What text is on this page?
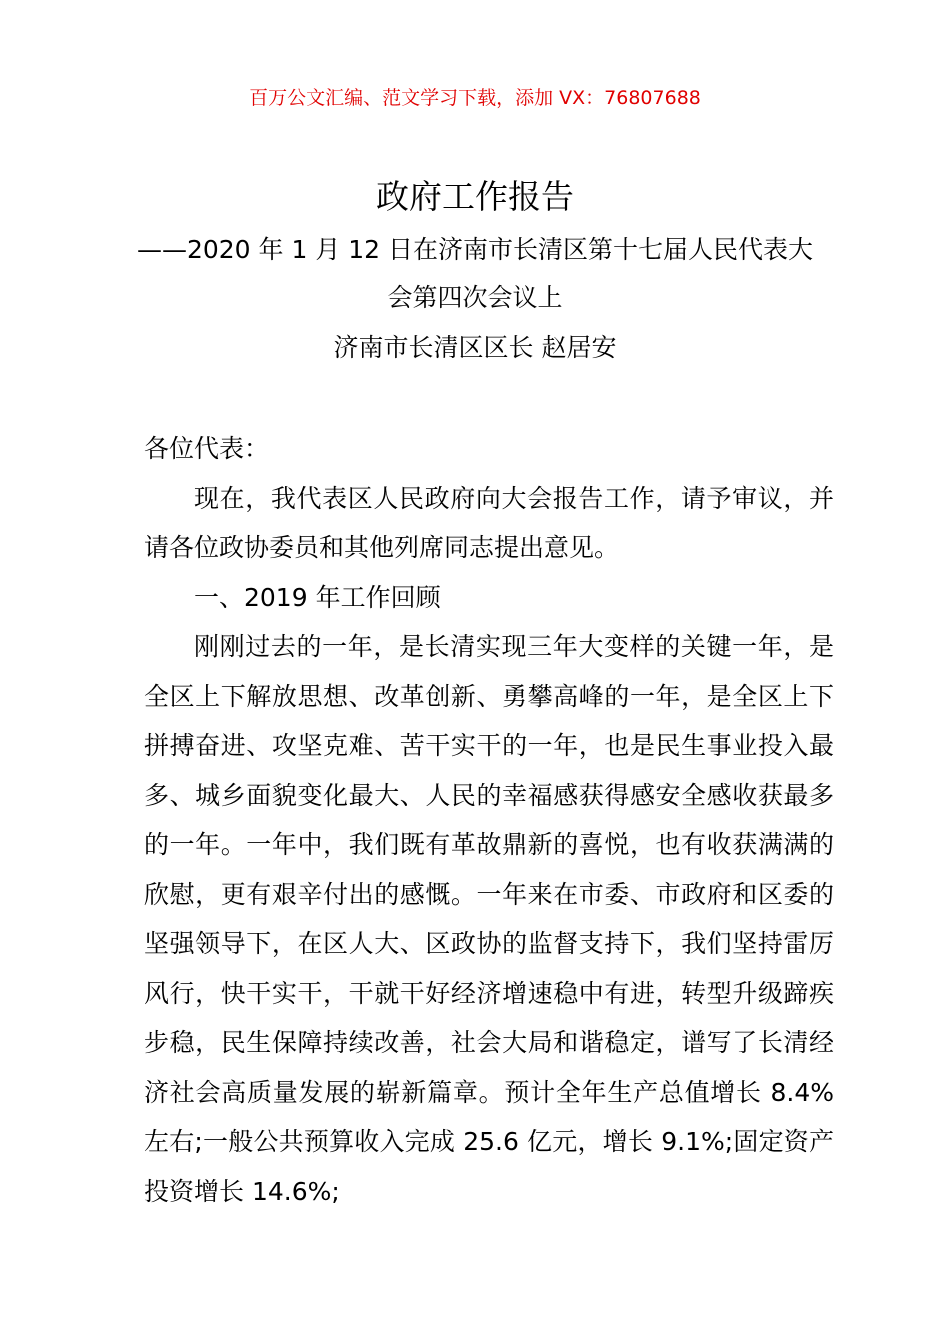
百万公文汇编、范文学习下载，添加 VX：76807688
政府工作报告
——2020 年 1 月 12 日在济南市长清区第十七届人民代表大
会第四次会议上
济南市长清区区长 赵居安
各位代表：
现在，我代表区人民政府向大会报告工作，请予审议，并请各位政协委员和其他列席同志提出意见。
一、2019 年工作回顾
刚刚过去的一年，是长清实现三年大变样的关键一年，是全区上下解放思想、改革创新、勇攀高峰的一年，是全区上下拼搏奋进、攻坚克难、苦干实干的一年，也是民生事业投入最多、城乡面貌变化最大、人民的幸福感获得感安全感收获最多的一年。一年中，我们既有革故鼎新的喜悦，也有收获满满的欣慰，更有艰辛付出的感慨。一年来在市委、市政府和区委的坚强领导下，在区人大、区政协的监督支持下，我们坚持雷厉风行，快干实干，干就干好经济增速稳中有进，转型升级蹄疾步稳，民生保障持续改善，社会大局和谐稳定，谱写了长清经济社会高质量发展的崭新篇章。预计全年生产总值增长 8.4%左右;一般公共预算收入完成 25.6 亿元，增长 9.1%;固定资产投资增长 14.6%;
